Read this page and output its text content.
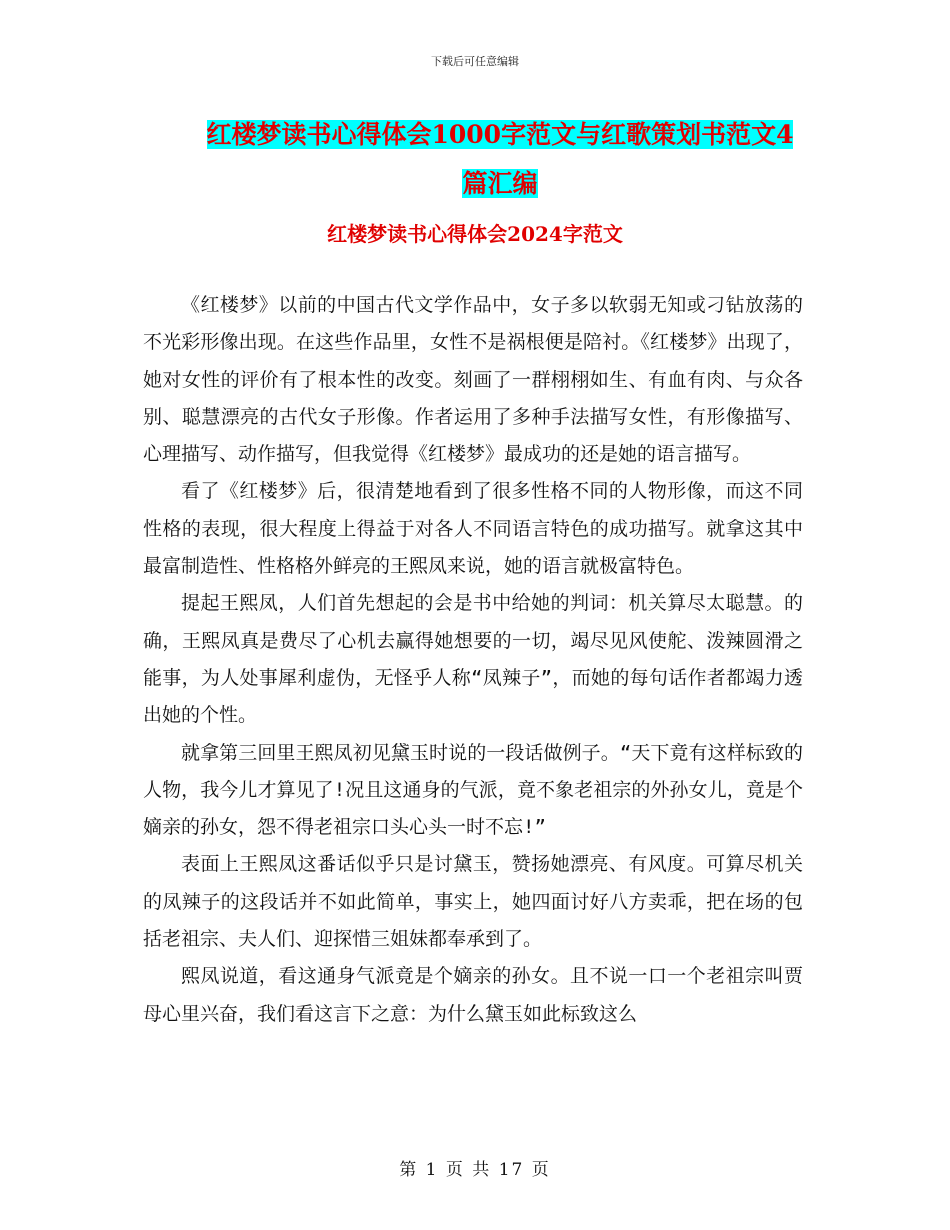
下载后可任意编辑
红楼梦读书心得体会1000字范文与红歌策划书范文4
篇汇编
红楼梦读书心得体会2024字范文

《红楼梦》以前的中国古代文学作品中，女子多以软弱无知或刁钻放荡的不光彩形像出现。在这些作品里，女性不是祸根便是陪衬。《红楼梦》出现了，她对女性的评价有了根本性的改变。刻画了一群栩栩如生、有血有肉、与众各别、聪慧漂亮的古代女子形像。作者运用了多种手法描写女性，有形像描写、心理描写、动作描写，但我觉得《红楼梦》最成功的还是她的语言描写。

看了《红楼梦》后，很清楚地看到了很多性格不同的人物形像，而这不同性格的表现，很大程度上得益于对各人不同语言特色的成功描写。就拿这其中最富制造性、性格格外鲜亮的王熙凤来说，她的语言就极富特色。

提起王熙凤，人们首先想起的会是书中给她的判词：机关算尽太聪慧。的确，王熙凤真是费尽了心机去赢得她想要的一切，竭尽见风使舵、泼辣圆滑之能事，为人处事犀利虚伪，无怪乎人称“凤辣子”，而她的每句话作者都竭力透出她的个性。

就拿第三回里王熙凤初见黛玉时说的一段话做例子。“天下竟有这样标致的人物，我今儿才算见了!况且这通身的气派，竟不象老祖宗的外孙女儿，竟是个嫡亲的孙女，怨不得老祖宗口头心头一时不忘!”

表面上王熙凤这番话似乎只是讨黛玉，赞扬她漂亮、有风度。可算尽机关的凤辣子的这段话并不如此简单，事实上，她四面讨好八方卖乖，把在场的包括老祖宗、夫人们、迎探惜三姐妹都奉承到了。

熙凤说道，看这通身气派竟是个嫡亲的孙女。且不说一口一个老祖宗叫贾母心里兴奋，我们看这言下之意：为什么黛玉如此标致这么

第 1 页 共 17 页
